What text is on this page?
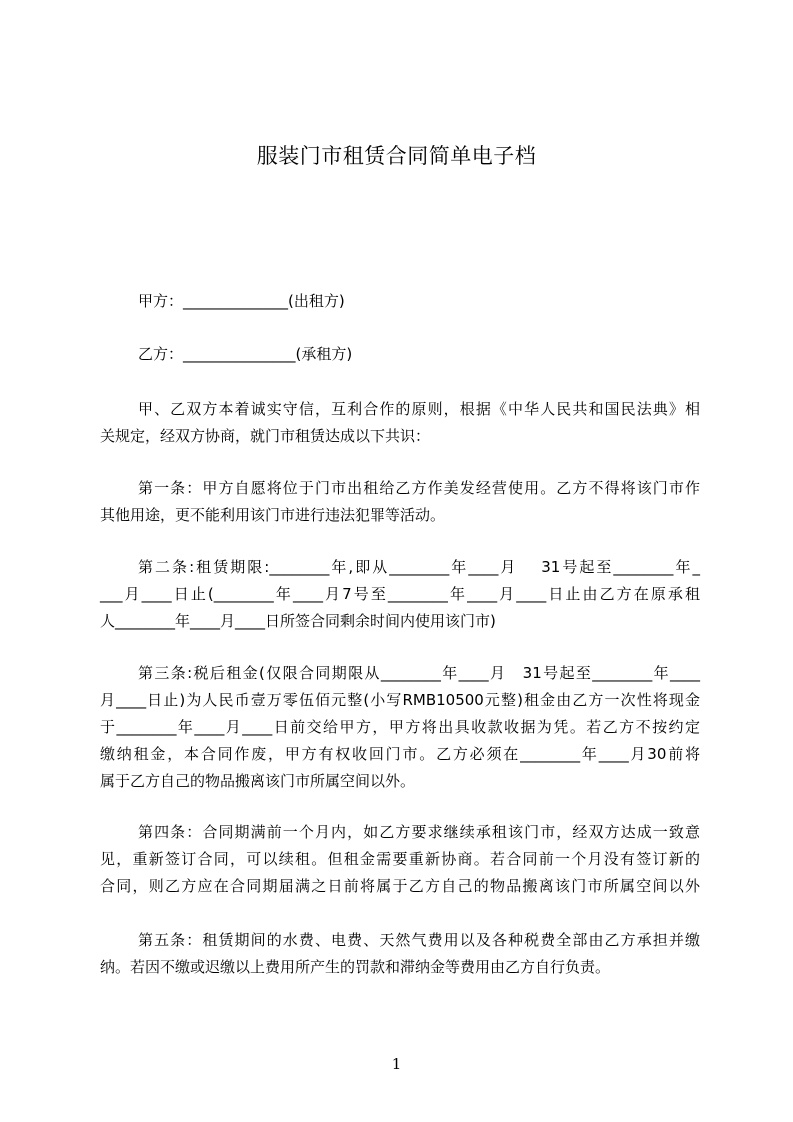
服装门市租赁合同简单电子档
甲方：______________(出租方)
乙方：_______________(承租方)
甲、乙双方本着诚实守信，互利合作的原则，根据《中华人民共和国民法典》相
关规定，经双方协商，就门市租赁达成以下共识：
第一条：甲方自愿将位于门市出租给乙方作美发经营使用。乙方不得将该门市作
其他用途，更不能利用该门市进行违法犯罪等活动。
第二条:租赁期限:________年,即从________年____月　 31号起至________年_
___月____日止(________年____月7号至________年____月____日止由乙方在原承租
人________年____月____日所签合同剩余时间内使用该门市)
第三条:税后租金(仅限合同期限从________年____月　31号起至________年____
月____日止)为人民币壹万零伍佰元整(小写RMB10500元整)租金由乙方一次性将现金
于________年____月____日前交给甲方，甲方将出具收款收据为凭。若乙方不按约定
缴纳租金，本合同作废，甲方有权收回门市。乙方必须在________年____月30前将
属于乙方自己的物品搬离该门市所属空间以外。
第四条：合同期满前一个月内，如乙方要求继续承租该门市，经双方达成一致意
见，重新签订合同，可以续租。但租金需要重新协商。若合同前一个月没有签订新的
合同，则乙方应在合同期届满之日前将属于乙方自己的物品搬离该门市所属空间以外
第五条：租赁期间的水费、电费、天然气费用以及各种税费全部由乙方承担并缴
纳。若因不缴或迟缴以上费用所产生的罚款和滞纳金等费用由乙方自行负责。
1
